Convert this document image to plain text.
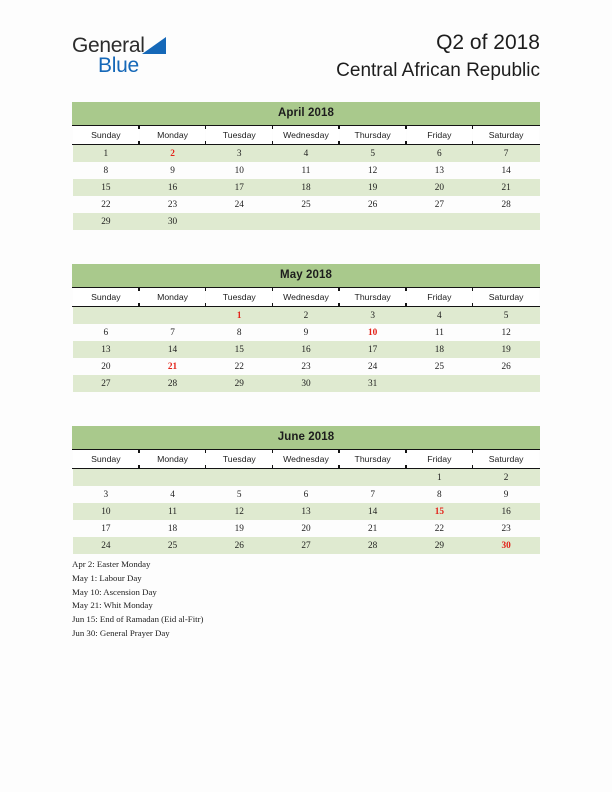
General
Blue
Q2 of 2018
Central African Republic
April 2018
Sunday	Monday	Tuesday	Wednesday	Thursday	Friday	Saturday
1	2	3	4	5	6	7
8	9	10	11	12	13	14
15	16	17	18	19	20	21
22	23	24	25	26	27	28
29	30					

May 2018
Sunday	Monday	Tuesday	Wednesday	Thursday	Friday	Saturday
		1	2	3	4	5
6	7	8	9	10	11	12
13	14	15	16	17	18	19
20	21	22	23	24	25	26
27	28	29	30	31		

June 2018
Sunday	Monday	Tuesday	Wednesday	Thursday	Friday	Saturday
					1	2
3	4	5	6	7	8	9
10	11	12	13	14	15	16
17	18	19	20	21	22	23
24	25	26	27	28	29	30

Apr 2: Easter Monday
May 1: Labour Day
May 10: Ascension Day
May 21: Whit Monday
Jun 15: End of Ramadan (Eid al-Fitr)
Jun 30: General Prayer Day
